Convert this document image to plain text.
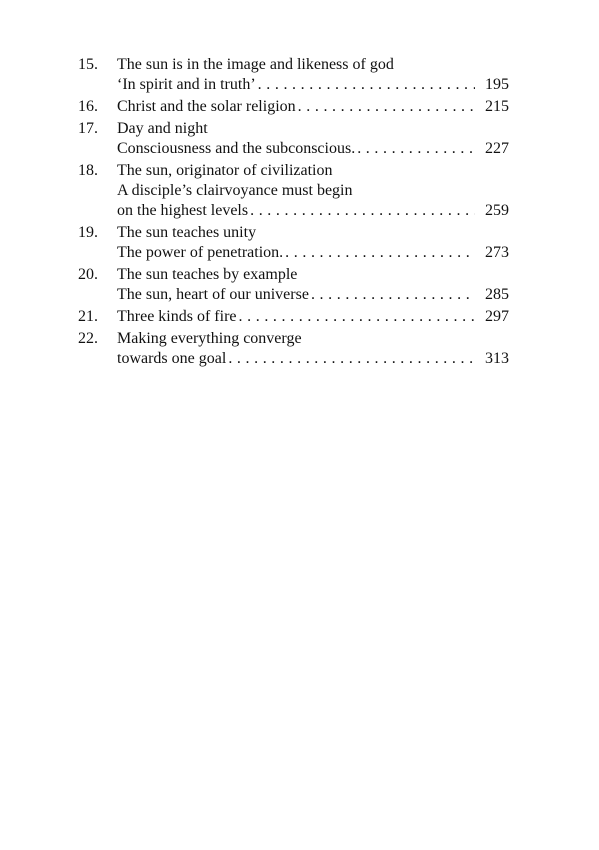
15.	The sun is in the image and likeness of god
‘In spirit and in truth’ . . .	195
16.	Christ and the solar religion . . .	215
17.	Day and night
Consciousness and the subconscious. . . .	227
18.	The sun, originator of civilization
A disciple’s clairvoyance must begin
on the highest levels . . .	259
19.	The sun teaches unity
The power of penetration. . . .	273
20.	The sun teaches by example
The sun, heart of our universe . . .	285
21.	Three kinds of fire . . .	297
22.	Making everything converge
towards one goal . . .	313
